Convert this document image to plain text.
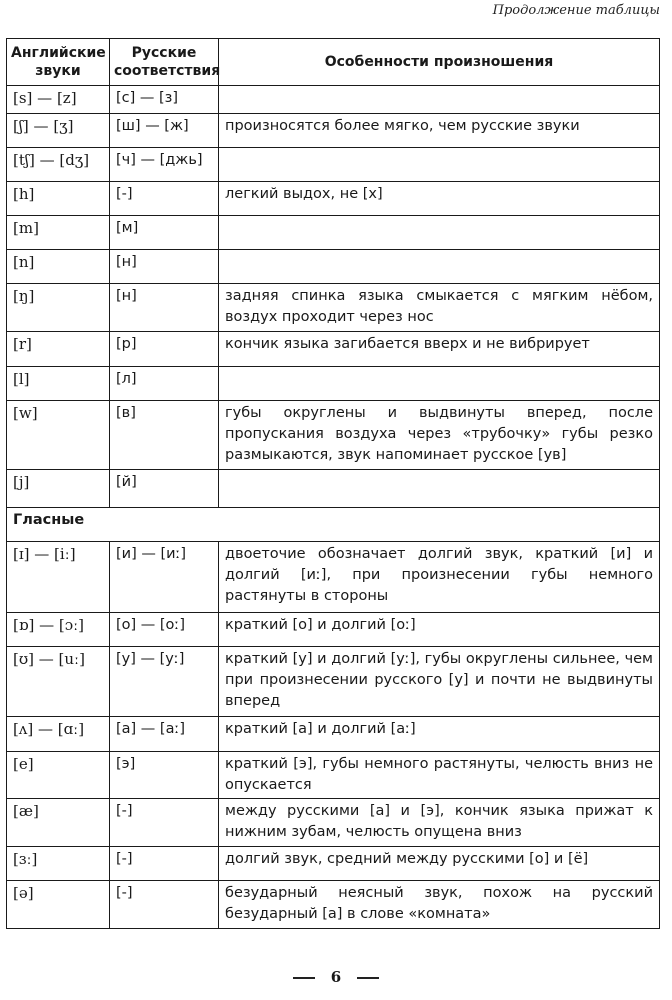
Продолжение таблицы
Английские звуки	Русские соответствия	Особенности произношения
[s] — [z]	[с] — [з]	
[ʃ] — [ʒ]	[ш] — [ж]	произносятся более мягко, чем русские звуки
[tʃ] — [dʒ]	[ч] — [джь]	
[h]	[-]	легкий выдох, не [х]
[m]	[м]	
[n]	[н]	
[ŋ]	[н]	задняя спинка языка смыкается с мягким нёбом, воздух проходит через нос
[r]	[р]	кончик языка загибается вверх и не вибрирует
[l]	[л]	
[w]	[в]	губы округлены и выдвинуты вперед, после пропускания воздуха через «трубочку» губы резко размыкаются, звук напоминает русское [ув]
[j]	[й]	
Гласные		
[ɪ] — [iː]	[и] — [иː]	двоеточие обозначает долгий звук, краткий [и] и долгий [иː], при произнесении губы немного растянуты в стороны
[ɒ] — [ɔː]	[о] — [оː]	краткий [о] и долгий [оː]
[ʊ] — [uː]	[у] — [уː]	краткий [у] и долгий [уː], губы округлены сильнее, чем при произнесении русского [у] и почти не выдвинуты вперед
[ʌ] — [ɑː]	[а] — [аː]	краткий [а] и долгий [аː]
[e]	[э]	краткий [э], губы немного растянуты, челюсть вниз не опускается
[æ]	[-]	между русскими [а] и [э], кончик языка прижат к нижним зубам, челюсть опущена вниз
[ɜː]	[-]	долгий звук, средний между русскими [о] и [ё]
[ə]	[-]	безударный неясный звук, похож на русский безударный [а] в слове «комната»
6
